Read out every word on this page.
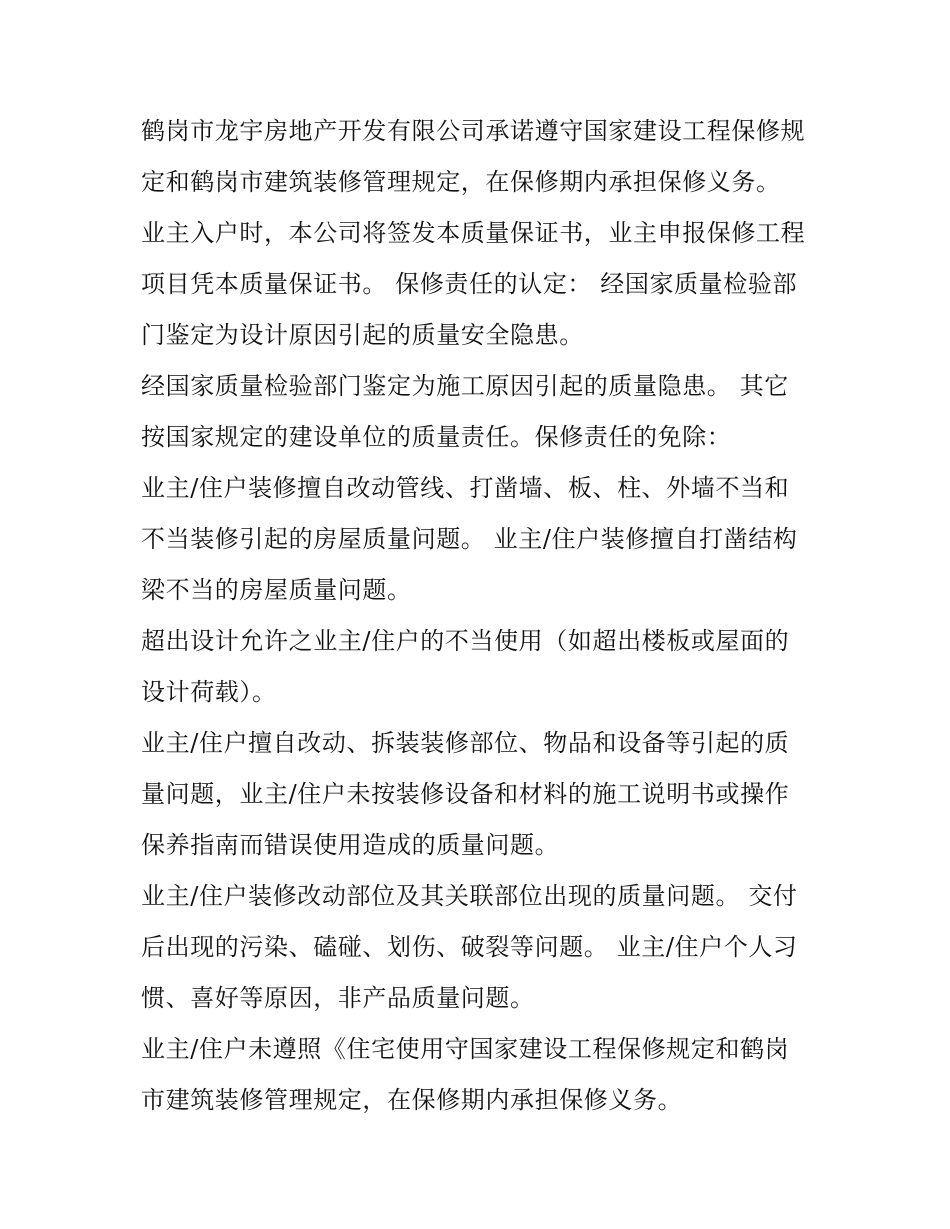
鹤岗市龙宇房地产开发有限公司承诺遵守国家建设工程保修规
定和鹤岗市建筑装修管理规定，在保修期内承担保修义务。

业主入户时，本公司将签发本质量保证书，业主申报保修工程
项目凭本质量保证书。 保修责任的认定： 经国家质量检验部
门鉴定为设计原因引起的质量安全隐患。

经国家质量检验部门鉴定为施工原因引起的质量隐患。 其它
按国家规定的建设单位的质量责任。保修责任的免除：

业主/住户装修擅自改动管线、打凿墙、板、柱、外墙不当和
不当装修引起的房屋质量问题。 业主/住户装修擅自打凿结构
梁不当的房屋质量问题。

超出设计允许之业主/住户的不当使用（如超出楼板或屋面的
设计荷载）。

业主/住户擅自改动、拆装装修部位、物品和设备等引起的质
量问题，业主/住户未按装修设备和材料的施工说明书或操作
保养指南而错误使用造成的质量问题。

业主/住户装修改动部位及其关联部位出现的质量问题。 交付
后出现的污染、磕碰、划伤、破裂等问题。 业主/住户个人习
惯、喜好等原因，非产品质量问题。

业主/住户未遵照《住宅使用守国家建设工程保修规定和鹤岗
市建筑装修管理规定，在保修期内承担保修义务。
